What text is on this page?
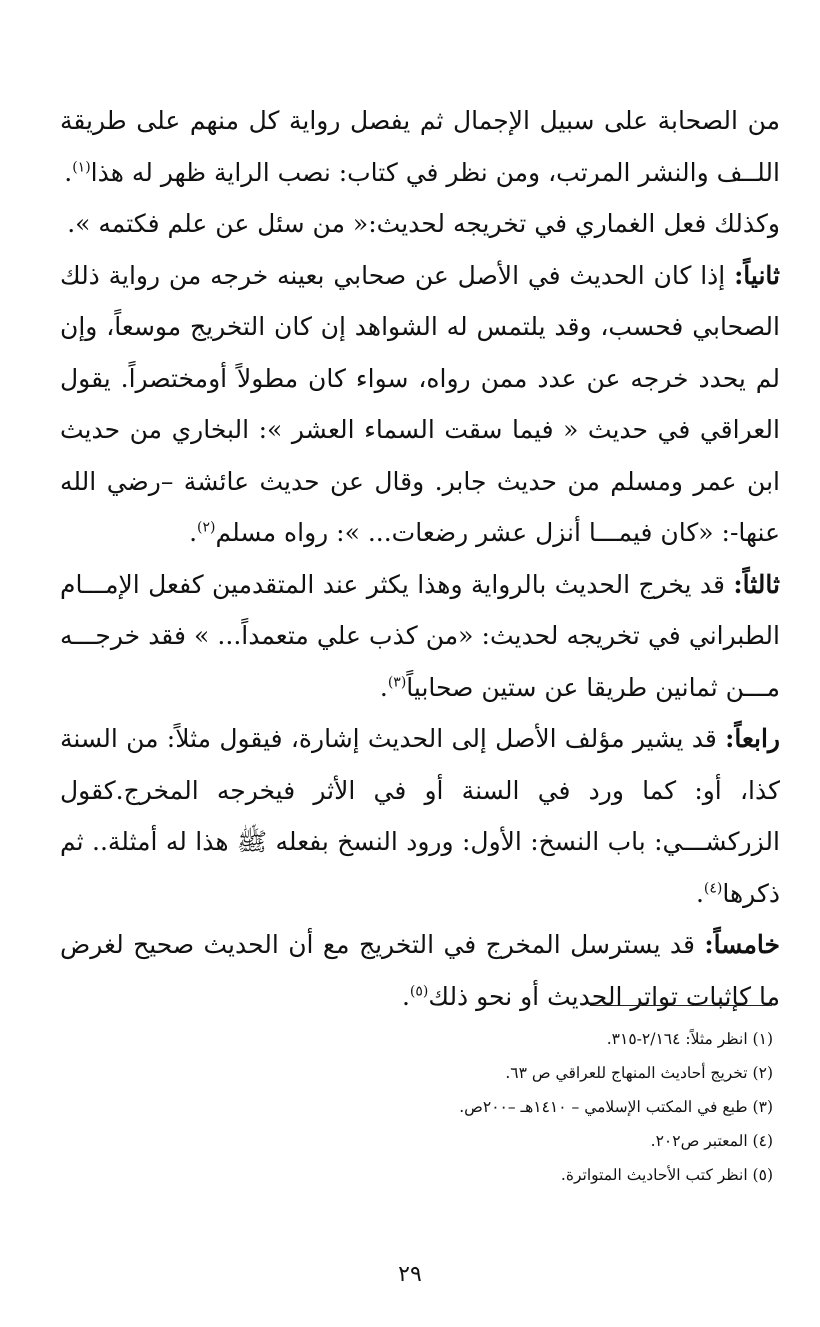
من الصحابة على سبيل الإجمال ثم يفصل رواية كل منهم على طريقة اللــف والنشر المرتب، ومن نظر في كتاب: نصب الراية ظهر له هذا$^{(١)}$.

وكذلك فعل الغماري في تخريجه لحديث:« من سئل عن علم فكتمه ».

ثانياً: إذا كان الحديث في الأصل عن صحابي بعينه خرجه من رواية ذلك الصحابي فحسب، وقد يلتمس له الشواهد إن كان التخريج موسعاً، وإن لم يحدد خرجه عن عدد ممن رواه، سواء كان مطولاً أومختصراً. يقول العراقي في حديث « فيما سقت السماء العشر »: البخاري من حديث ابن عمر ومسلم من حديث جابر. وقال عن حديث عائشة –رضي الله عنها-: «كان فيمـــا أنزل عشر رضعات... »: رواه مسلم$^{(٢)}$.

ثالثاً: قد يخرج الحديث بالرواية وهذا يكثر عند المتقدمين كفعل الإمـــام الطبراني في تخريجه لحديث: «من كذب علي متعمداً... » فقد خرجـــه مـــن ثمانين طريقا عن ستين صحابياً$^{(٣)}$.

رابعاً: قد يشير مؤلف الأصل إلى الحديث إشارة، فيقول مثلاً: من السنة كذا، أو: كما ورد في السنة أو في الأثر فيخرجه المخرج.كقول الزركشـــي: باب النسخ: الأول: ورود النسخ بفعله ﷺ هذا له أمثلة.. ثم ذكرها$^{(٤)}$.

خامساً: قد يسترسل المخرج في التخريج مع أن الحديث صحيح لغرض ما كإثبات تواتر الحديث أو نحو ذلك$^{(٥)}$.

(١) انظر مثلاً: ٢/١٦٤-٣١٥.

(٢) تخريج أحاديث المنهاج للعراقي ص ٦٣.

(٣) طبع في المكتب الإسلامي – ١٤١٠هـ –٢٠٠ص.

(٤) المعتبر ص٢٠٢.

(٥) انظر كتب الأحاديث المتواترة.

٢٩
